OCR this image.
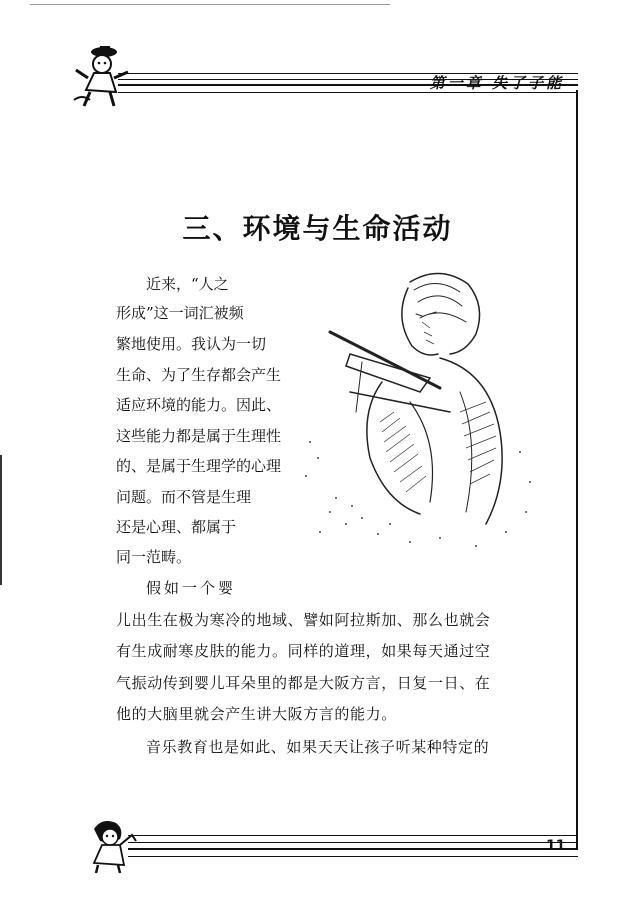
第一章 失了子能
三、环境与生命活动
近来，“人之
形成”这一词汇被频
繁地使用。我认为一切
生命、为了生存都会产生
适应环境的能力。因此、
这些能力都是属于生理性
的、是属于生理学的心理
问题。而不管是生理
还是心理、都属于
同一范畴。
假如一个婴
儿出生在极为寒冷的地域、譬如阿拉斯加、那么也就会
有生成耐寒皮肤的能力。同样的道理，如果每天通过空
气振动传到婴儿耳朵里的都是大阪方言，日复一日、在
他的大脑里就会产生讲大阪方言的能力。
音乐教育也是如此、如果天天让孩子听某种特定的
11
